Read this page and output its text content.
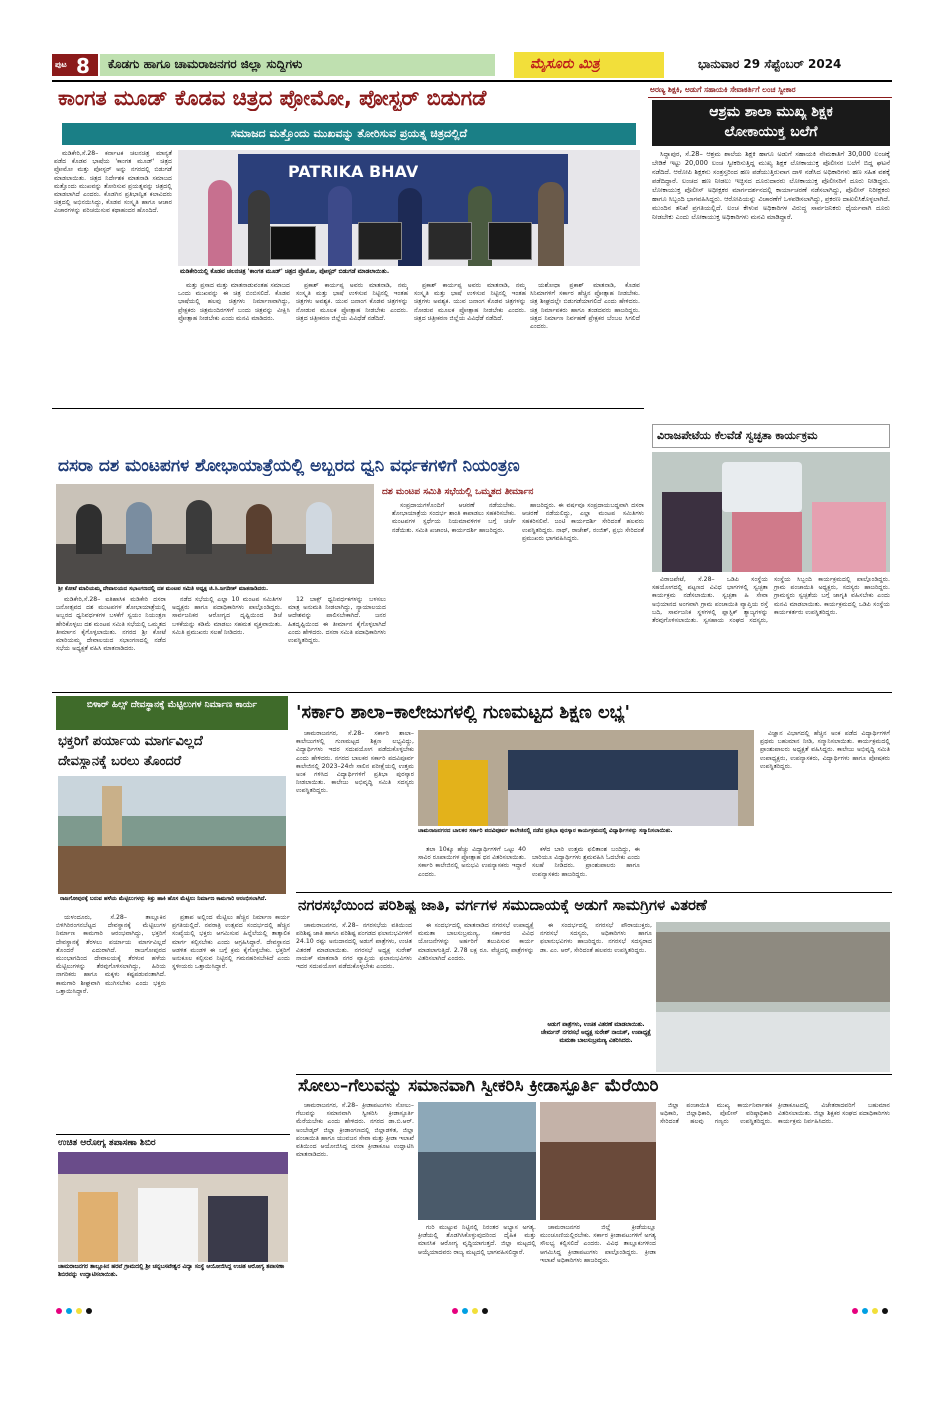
ಪುಟ 8 ಕೊಡಗು ಹಾಗೂ ಚಾಮರಾಜನಗರ ಜಿಲ್ಲಾ ಸುದ್ದಿಗಳು	ಮೈಸೂರು ಮಿತ್ರ	ಭಾನುವಾರ 29 ಸೆಪ್ಟೆಂಬರ್ 2024
ಕಾಂಗತ ಮೂಡ್ ಕೊಡವ ಚಿತ್ರದ ಪ್ರೋಮೋ, ಪೋಸ್ಟರ್ ಬಿಡುಗಡೆ
ಸಮಾಜದ ಮತ್ತೊಂದು ಮುಖವನ್ನು ತೋರಿಸುವ ಪ್ರಯತ್ನ ಚಿತ್ರದಲ್ಲಿದೆ

ಮಡಿಕೇರಿ,ಸೆ.28– ಕರ್ನಾಟಕ ಚಲನಚಿತ್ರ ಮಾನ್ಯತೆ ಪಡೆದ ಕೊಡವ ಭಾಷೆಯ 'ಕಾಂಗತ ಮೂಡ್' ಚಿತ್ರದ ಪ್ರೋಮೋ ಮತ್ತು ಪೋಸ್ಟರ್ ಅನ್ನು ನಗರದಲ್ಲಿ ಬಿಡುಗಡೆ ಮಾಡಲಾಯಿತು. ಚಿತ್ರದ ನಿರ್ದೇಶಕ ಮಾತನಾಡಿ ಸಮಾಜದ ಮತ್ತೊಂದು ಮುಖವನ್ನು ತೋರಿಸುವ ಪ್ರಯತ್ನವನ್ನು ಚಿತ್ರದಲ್ಲಿ ಮಾಡಲಾಗಿದೆ ಎಂದರು. ಕೊಡಗಿನ ಪ್ರತಿಭಾನ್ವಿತ ಕಲಾವಿದರು ಚಿತ್ರದಲ್ಲಿ ಅಭಿನಯಿಸಿದ್ದು, ಕೊಡವ ಸಂಸ್ಕೃತಿ ಹಾಗೂ ಆಚಾರ ವಿಚಾರಗಳನ್ನು ಪರಿಚಯಿಸುವ ಕಥಾಹಂದರ ಹೊಂದಿದೆ.

PATRIKA BHAV
ಮಡಿಕೇರಿಯಲ್ಲಿ ಕೊಡವ ಚಲನಚಿತ್ರ 'ಕಾಂಗತ ಮೂಡ್' ಚಿತ್ರದ ಪ್ರೊಮೋ, ಪೋಸ್ಟರ್ ಬಿಡುಗಡೆ ಮಾಡಲಾಯಿತು.

ಮತ್ತು ಪ್ರಸಾದ ಮತ್ತು ಮಾತನಾಡುವಂತಹ ಸಮಾಜದ ಒಂದು ಮುಖವನ್ನು ಈ ಚಿತ್ರ ಬಿಂಬಿಸಲಿದೆ. ಕೊಡವ ಭಾಷೆಯಲ್ಲಿ ಹಲವು ಚಿತ್ರಗಳು ನಿರ್ಮಾಣವಾಗಿದ್ದು, ಪ್ರೇಕ್ಷಕರು ಚಿತ್ರಮಂದಿರಗಳಿಗೆ ಬಂದು ಚಿತ್ರವನ್ನು ವೀಕ್ಷಿಸಿ ಪ್ರೋತ್ಸಾಹ ನೀಡಬೇಕು ಎಂದು ಮನವಿ ಮಾಡಿದರು.

ಪ್ರಕಾಶ್ ಕಾರ್ಯಪ್ಪ ಅವರು ಮಾತನಾಡಿ, ನಮ್ಮ ಸಂಸ್ಕೃತಿ ಮತ್ತು ಭಾಷೆ ಉಳಿಸುವ ನಿಟ್ಟಿನಲ್ಲಿ ಇಂತಹ ಚಿತ್ರಗಳು ಅವಶ್ಯಕ. ಯುವ ಜನಾಂಗ ಕೊಡವ ಚಿತ್ರಗಳನ್ನು ನೋಡುವ ಮೂಲಕ ಪ್ರೋತ್ಸಾಹ ನೀಡಬೇಕು ಎಂದರು. ಚಿತ್ರದ ಚಿತ್ರೀಕರಣ ಜಿಲ್ಲೆಯ ವಿವಿಧೆಡೆ ನಡೆದಿದೆ.

ಪ್ರಕಾಶ್ ಕಾರ್ಯಪ್ಪ ಅವರು ಮಾತನಾಡಿ, ನಮ್ಮ ಸಂಸ್ಕೃತಿ ಮತ್ತು ಭಾಷೆ ಉಳಿಸುವ ನಿಟ್ಟಿನಲ್ಲಿ ಇಂತಹ ಚಿತ್ರಗಳು ಅವಶ್ಯಕ. ಯುವ ಜನಾಂಗ ಕೊಡವ ಚಿತ್ರಗಳನ್ನು ನೋಡುವ ಮೂಲಕ ಪ್ರೋತ್ಸಾಹ ನೀಡಬೇಕು ಎಂದರು. ಚಿತ್ರದ ಚಿತ್ರೀಕರಣ ಜಿಲ್ಲೆಯ ವಿವಿಧೆಡೆ ನಡೆದಿದೆ.

ಯಶೋಧಾ ಪ್ರಕಾಶ್ ಮಾತನಾಡಿ, ಕೊಡವ ಸಿನಿಮಾಗಳಿಗೆ ಸರ್ಕಾರ ಹೆಚ್ಚಿನ ಪ್ರೋತ್ಸಾಹ ನೀಡಬೇಕು. ಚಿತ್ರ ಶೀಘ್ರದಲ್ಲೇ ಬಿಡುಗಡೆಯಾಗಲಿದೆ ಎಂದು ಹೇಳಿದರು. ಚಿತ್ರ ನಿರ್ಮಾಪಕರು ಹಾಗೂ ತಂಡದವರು ಹಾಜರಿದ್ದರು. ಚಿತ್ರದ ನಿರ್ಮಾಣ ನಿರ್ವಹಣೆ ಪ್ರೇಕ್ಷಕರ ಬೆಂಬಲ ಸಿಗಲಿದೆ ಎಂದರು.

ಅರಣ್ಯ ಶಿಕ್ಷಕಿ, ಅಡುಗೆ ಸಹಾಯಕಿ ಸೇವಾಕರ್ತಿಗೆ ಲಂಚ ಸ್ವೀಕಾರ
ಆಶ್ರಮ ಶಾಲಾ ಮುಖ್ಯ ಶಿಕ್ಷಕ
ಲೋಕಾಯುಕ್ತ ಬಲೆಗೆ

ಸಿದ್ದಾಪುರ, ಸೆ.28– ಆಶ್ರಮ ಶಾಲೆಯ ಶಿಕ್ಷಕಿ ಹಾಗೂ ಅಡುಗೆ ಸಹಾಯಕಿ ನೇಮಕಾತಿಗೆ 30,000 ಲಂಚಕ್ಕೆ ಬೇಡಿಕೆ ಇಟ್ಟು 20,000 ಲಂಚ ಸ್ವೀಕರಿಸುತ್ತಿದ್ದ ಮುಖ್ಯ ಶಿಕ್ಷಕ ಲೋಕಾಯುಕ್ತ ಪೊಲೀಸರ ಬಲೆಗೆ ಬಿದ್ದ ಘಟನೆ ನಡೆದಿದೆ. ಆರೋಪಿ ಶಿಕ್ಷಕನು ಸಂತ್ರಸ್ತರಿಂದ ಹಣ ಪಡೆಯುತ್ತಿರುವಾಗ ದಾಳಿ ನಡೆಸಿದ ಅಧಿಕಾರಿಗಳು ಹಣ ಸಹಿತ ವಶಕ್ಕೆ ಪಡೆದಿದ್ದಾರೆ. ಲಂಚದ ಹಣ ನೀಡಲು ಇಚ್ಛಿಸದ ದೂರುದಾರರು ಲೋಕಾಯುಕ್ತ ಪೊಲೀಸರಿಗೆ ದೂರು ನೀಡಿದ್ದರು. ಲೋಕಾಯುಕ್ತ ಪೊಲೀಸ್ ಅಧೀಕ್ಷಕರ ಮಾರ್ಗದರ್ಶನದಲ್ಲಿ ಕಾರ್ಯಾಚರಣೆ ನಡೆಸಲಾಗಿದ್ದು, ಪೊಲೀಸ್ ನಿರೀಕ್ಷಕರು ಹಾಗೂ ಸಿಬ್ಬಂದಿ ಭಾಗವಹಿಸಿದ್ದರು. ಆರೋಪಿಯನ್ನು ವಿಚಾರಣೆಗೆ ಒಳಪಡಿಸಲಾಗಿದ್ದು, ಪ್ರಕರಣ ದಾಖಲಿಸಿಕೊಳ್ಳಲಾಗಿದೆ. ಮುಂದಿನ ತನಿಖೆ ಪ್ರಗತಿಯಲ್ಲಿದೆ. ಲಂಚ ಕೇಳುವ ಅಧಿಕಾರಿಗಳ ವಿರುದ್ಧ ಸಾರ್ವಜನಿಕರು ಧೈರ್ಯವಾಗಿ ದೂರು ನೀಡಬೇಕು ಎಂದು ಲೋಕಾಯುಕ್ತ ಅಧಿಕಾರಿಗಳು ಮನವಿ ಮಾಡಿದ್ದಾರೆ.

ವಿರಾಜಪೇಟೆಯ ಕೆಲವೆಡೆ ಸ್ವಚ್ಛತಾ ಕಾರ್ಯಕ್ರಮ

ವಿರಾಜಪೇಟೆ, ಸೆ.28– ಒಡಿಪಿ ಸಂಸ್ಥೆಯ ಸಹಯೋಗದಲ್ಲಿ ಪಟ್ಟಣದ ವಿವಿಧ ಭಾಗಗಳಲ್ಲಿ ಸ್ವಚ್ಛತಾ ಕಾರ್ಯಕ್ರಮ ನಡೆಸಲಾಯಿತು. ಸ್ವಚ್ಛತಾ ಹಿ ಸೇವಾ ಅಭಿಯಾನದ ಅಂಗವಾಗಿ ಗ್ರಾಮ ಪಂಚಾಯಿತಿ ವ್ಯಾಪ್ತಿಯ ರಸ್ತೆ ಬದಿ, ಸಾರ್ವಜನಿಕ ಸ್ಥಳಗಳಲ್ಲಿ ಪ್ಲಾಸ್ಟಿಕ್ ತ್ಯಾಜ್ಯಗಳನ್ನು ತೆರವುಗೊಳಿಸಲಾಯಿತು. ಸ್ವಸಹಾಯ ಸಂಘದ ಸದಸ್ಯರು, ಸಂಸ್ಥೆಯ ಸಿಬ್ಬಂದಿ ಕಾರ್ಯಕ್ರಮದಲ್ಲಿ ಪಾಲ್ಗೊಂಡಿದ್ದರು. ಗ್ರಾಮ ಪಂಚಾಯಿತಿ ಅಧ್ಯಕ್ಷರು, ಸದಸ್ಯರು ಹಾಜರಿದ್ದರು. ಗ್ರಾಮಸ್ಥರು ಸ್ವಚ್ಛತೆಯ ಬಗ್ಗೆ ಜಾಗೃತಿ ವಹಿಸಬೇಕು ಎಂದು ಮನವಿ ಮಾಡಲಾಯಿತು. ಕಾರ್ಯಕ್ರಮದಲ್ಲಿ ಒಡಿಪಿ ಸಂಸ್ಥೆಯ ಕಾರ್ಯಕರ್ತರು ಉಪಸ್ಥಿತರಿದ್ದರು.

ದಸರಾ ದಶ ಮಂಟಪಗಳ ಶೋಭಾಯಾತ್ರೆಯಲ್ಲಿ ಅಬ್ಬರದ ಧ್ವನಿ ವರ್ಧಕಗಳಿಗೆ ನಿಯಂತ್ರಣ
ದಶ ಮಂಟಪ ಸಮಿತಿ ಸಭೆಯಲ್ಲಿ ಒಮ್ಮತದ ತೀರ್ಮಾನ
ಶ್ರೀ ಕೋಟೆ ಮಾರಿಯಮ್ಮ ದೇವಾಲಯದ ಸಭಾಂಗಣದಲ್ಲಿ ದಶ ಮಂಟಪ ಸಮಿತಿ ಅಧ್ಯಕ್ಷ ಜಿ.ಸಿ.ಜಗದೀಶ್ ಮಾತನಾಡಿದರು.

ಮಡಿಕೇರಿ,ಸೆ.28– ಐತಿಹಾಸಿಕ ಮಡಿಕೇರಿ ದಸರಾ ಜನೋತ್ಸವದ ದಶ ಮಂಟಪಗಳ ಶೋಭಾಯಾತ್ರೆಯಲ್ಲಿ ಅಬ್ಬರದ ಧ್ವನಿವರ್ಧಕಗಳ ಬಳಕೆಗೆ ಸ್ವಯಂ ನಿಯಂತ್ರಣ ಹೇರಿಕೊಳ್ಳಲು ದಶ ಮಂಟಪ ಸಮಿತಿ ಸಭೆಯಲ್ಲಿ ಒಮ್ಮತದ ತೀರ್ಮಾನ ಕೈಗೊಳ್ಳಲಾಯಿತು. ನಗರದ ಶ್ರೀ ಕೋಟೆ ಮಾರಿಯಮ್ಮ ದೇವಾಲಯದ ಸಭಾಂಗಣದಲ್ಲಿ ನಡೆದ ಸಭೆಯ ಅಧ್ಯಕ್ಷತೆ ವಹಿಸಿ ಮಾತನಾಡಿದರು.

ನಡೆದ ಸಭೆಯಲ್ಲಿ ಎಲ್ಲಾ 10 ಮಂಟಪ ಸಮಿತಿಗಳ ಅಧ್ಯಕ್ಷರು ಹಾಗೂ ಪದಾಧಿಕಾರಿಗಳು ಪಾಲ್ಗೊಂಡಿದ್ದರು. ಸಾರ್ವಜನಿಕರ ಆರೋಗ್ಯದ ದೃಷ್ಟಿಯಿಂದ ಡಿಜೆ ಬಳಕೆಯನ್ನು ಕಡಿಮೆ ಮಾಡಲು ಸಹಮತ ವ್ಯಕ್ತವಾಯಿತು. ಸಮಿತಿ ಪ್ರಮುಖರು ಸಲಹೆ ನೀಡಿದರು.

12 ಬಾಕ್ಸ್ ಧ್ವನಿವರ್ಧಕಗಳನ್ನು ಬಳಸಲು ಮಾತ್ರ ಅನುಮತಿ ನೀಡಲಾಗಿದ್ದು, ನ್ಯಾಯಾಲಯದ ಆದೇಶವನ್ನು ಪಾಲಿಸಬೇಕಾಗಿದೆ. ಜನರ ಹಿತದೃಷ್ಟಿಯಿಂದ ಈ ತೀರ್ಮಾನ ಕೈಗೊಳ್ಳಲಾಗಿದೆ ಎಂದು ಹೇಳಿದರು. ದಸರಾ ಸಮಿತಿ ಪದಾಧಿಕಾರಿಗಳು ಉಪಸ್ಥಿತರಿದ್ದರು.

ಸಂಪ್ರದಾಯಗಳೊಂದಿಗೆ ಆಚರಣೆ ನಡೆಯಬೇಕು. ಶೋಭಾಯಾತ್ರೆಯ ಸಂದರ್ಭ ಶಾಂತಿ ಕಾಪಾಡಲು ಸಹಕರಿಸಬೇಕು. ಮಂಟಪಗಳ ಸ್ಪರ್ಧೆಯ ನಿಯಮಾವಳಿಗಳ ಬಗ್ಗೆ ಚರ್ಚೆ ನಡೆಯಿತು. ಸಮಿತಿ ಖಜಾಂಚಿ, ಕಾರ್ಯದರ್ಶಿ ಹಾಜರಿದ್ದರು.

ಹಾಜರಿದ್ದರು. ಈ ವರ್ಷವೂ ಸಂಪ್ರದಾಯಬದ್ಧವಾಗಿ ದಸರಾ ಆಚರಣೆ ನಡೆಯಲಿದ್ದು, ಎಲ್ಲಾ ಮಂಟಪ ಸಮಿತಿಗಳು ಸಹಕರಿಸಲಿವೆ. ಜಂಟಿ ಕಾರ್ಯದರ್ಶಿ ಸೇರಿದಂತೆ ಹಲವರು ಉಪಸ್ಥಿತರಿದ್ದರು. ನಾಥ್, ರಾಜೇಶ್, ರಂಜಿತ್, ಪ್ರಭು ಸೇರಿದಂತೆ ಪ್ರಮುಖರು ಭಾಗವಹಿಸಿದ್ದರು.

ಬಿಳಾರ್ ಹಿಲ್ಸ್ ದೇವಸ್ಥಾನಕ್ಕೆ ಮೆಟ್ಟಿಲುಗಳ ನಿರ್ಮಾಣ ಕಾರ್ಯ
ಭಕ್ತರಿಗೆ ಪರ್ಯಾಯ ಮಾರ್ಗವಿಲ್ಲದೆ
ದೇವಸ್ಥಾನಕ್ಕೆ ಬರಲು ತೊಂದರೆ
ರಾಜಗೋಪುರಕ್ಕೆ ಬರುವ ಹಳೆಯ ಮೆಟ್ಟಿಲುಗಳನ್ನು ಕಿತ್ತು ಹಾಕಿ ಹೊಸ ಮೆಟ್ಟಿಲು ನಿರ್ಮಾಣ ಕಾಮಗಾರಿ ಆರಂಭಿಸಲಾಗಿದೆ.

ಯಳಂದೂರು, ಸೆ.28– ತಾಲ್ಲೂಕಿನ ಬಿಳಿಗಿರಿರಂಗನಬೆಟ್ಟದ ದೇವಸ್ಥಾನಕ್ಕೆ ಮೆಟ್ಟಿಲುಗಳ ನಿರ್ಮಾಣ ಕಾಮಗಾರಿ ಆರಂಭವಾಗಿದ್ದು, ಭಕ್ತರಿಗೆ ದೇವಸ್ಥಾನಕ್ಕೆ ತೆರಳಲು ಪರ್ಯಾಯ ಮಾರ್ಗವಿಲ್ಲದೆ ತೊಂದರೆ ಎದುರಾಗಿದೆ. ರಾಜಗೋಪುರದ ಮುಂಭಾಗದಿಂದ ದೇವಾಲಯಕ್ಕೆ ತೆರಳುವ ಹಳೆಯ ಮೆಟ್ಟಿಲುಗಳನ್ನು ತೆರವುಗೊಳಿಸಲಾಗಿದ್ದು, ಹಿರಿಯ ನಾಗರಿಕರು ಹಾಗೂ ಮಕ್ಕಳು ಕಷ್ಟಪಡುವಂತಾಗಿದೆ. ಕಾಮಗಾರಿ ಶೀಘ್ರವಾಗಿ ಮುಗಿಸಬೇಕು ಎಂದು ಭಕ್ತರು ಒತ್ತಾಯಿಸಿದ್ದಾರೆ.

ಪ್ರತಾಪ ಅಲ್ಲಿಂದ ಮೆಟ್ಟಿಲು ಹೆಚ್ಚಿನ ನಿರ್ಮಾಣ ಕಾರ್ಯ ಪ್ರಗತಿಯಲ್ಲಿದೆ. ನವರಾತ್ರಿ ಉತ್ಸವದ ಸಂದರ್ಭದಲ್ಲಿ ಹೆಚ್ಚಿನ ಸಂಖ್ಯೆಯಲ್ಲಿ ಭಕ್ತರು ಆಗಮಿಸುವ ಹಿನ್ನೆಲೆಯಲ್ಲಿ ತಾತ್ಕಾಲಿಕ ಮಾರ್ಗ ಕಲ್ಪಿಸಬೇಕು ಎಂದು ಆಗ್ರಹಿಸಿದ್ದಾರೆ. ದೇವಸ್ಥಾನದ ಆಡಳಿತ ಮಂಡಳಿ ಈ ಬಗ್ಗೆ ಕ್ರಮ ಕೈಗೊಳ್ಳಬೇಕು. ಭಕ್ತರಿಗೆ ಅನುಕೂಲ ಕಲ್ಪಿಸುವ ನಿಟ್ಟಿನಲ್ಲಿ ಗಮನಹರಿಸಬೇಕಿದೆ ಎಂದು ಸ್ಥಳೀಯರು ಒತ್ತಾಯಿಸಿದ್ದಾರೆ.

ಉಚಿತ ಆರೋಗ್ಯ ತಪಾಸಣಾ ಶಿಬಿರ
ಚಾಮರಾಜನಗರ ತಾಲ್ಲೂಕಿನ ಹರವೆ ಗ್ರಾಮದಲ್ಲಿ ಶ್ರೀ ಚನ್ನಬಸವೇಶ್ವರ ವಿದ್ಯಾ ಸಂಸ್ಥೆ ಆಯೋಜಿಸಿದ್ದ ಉಚಿತ ಆರೋಗ್ಯ ತಪಾಸಣಾ ಶಿಬಿರವನ್ನು ಉದ್ಘಾಟಿಸಲಾಯಿತು.
'ಸರ್ಕಾರಿ ಶಾಲಾ–ಕಾಲೇಜುಗಳಲ್ಲಿ ಗುಣಮಟ್ಟದ ಶಿಕ್ಷಣ ಲಭ್ಯ'

ಚಾಮರಾಜನಗರ, ಸೆ.28– ಸರ್ಕಾರಿ ಶಾಲಾ–ಕಾಲೇಜುಗಳಲ್ಲಿ ಗುಣಮಟ್ಟದ ಶಿಕ್ಷಣ ಲಭ್ಯವಿದ್ದು, ವಿದ್ಯಾರ್ಥಿಗಳು ಇದರ ಸದುಪಯೋಗ ಪಡೆದುಕೊಳ್ಳಬೇಕು ಎಂದು ಹೇಳಿದರು. ನಗರದ ಬಾಲಕರ ಸರ್ಕಾರಿ ಪದವಿಪೂರ್ವ ಕಾಲೇಜಿನಲ್ಲಿ 2023–24ನೇ ಸಾಲಿನ ಪರೀಕ್ಷೆಯಲ್ಲಿ ಉತ್ತಮ ಅಂಕ ಗಳಿಸಿದ ವಿದ್ಯಾರ್ಥಿಗಳಿಗೆ ಪ್ರತಿಭಾ ಪುರಸ್ಕಾರ ನೀಡಲಾಯಿತು. ಕಾಲೇಜು ಅಭಿವೃದ್ಧಿ ಸಮಿತಿ ಸದಸ್ಯರು ಉಪಸ್ಥಿತರಿದ್ದರು.

ಚಾಮರಾಜನಗರದ ಬಾಲಕರ ಸರ್ಕಾರಿ ಪದವಿಪೂರ್ವ ಕಾಲೇಜಿನಲ್ಲಿ ನಡೆದ ಪ್ರತಿಭಾ ಪುರಸ್ಕಾರ ಕಾರ್ಯಕ್ರಮದಲ್ಲಿ ವಿದ್ಯಾರ್ಥಿಗಳನ್ನು ಸನ್ಮಾನಿಸಲಾಯಿತು.

ತಲಾ 10ಕ್ಕೂ ಹೆಚ್ಚು ವಿದ್ಯಾರ್ಥಿಗಳಿಗೆ ಒಟ್ಟು 40 ಸಾವಿರ ರೂಪಾಯಿಗಳ ಪ್ರೋತ್ಸಾಹ ಧನ ವಿತರಿಸಲಾಯಿತು. ಸರ್ಕಾರಿ ಕಾಲೇಜಿನಲ್ಲಿ ಅನುಭವಿ ಉಪನ್ಯಾಸಕರು ಇದ್ದಾರೆ ಎಂದರು.

ಕಳೆದ ಬಾರಿ ಉತ್ತಮ ಫಲಿತಾಂಶ ಬಂದಿದ್ದು, ಈ ಬಾರಿಯೂ ವಿದ್ಯಾರ್ಥಿಗಳು ಶ್ರಮವಹಿಸಿ ಓದಬೇಕು ಎಂದು ಸಲಹೆ ನೀಡಿದರು. ಪ್ರಾಂಶುಪಾಲರು ಹಾಗೂ ಉಪನ್ಯಾಸಕರು ಹಾಜರಿದ್ದರು.

ವಿಜ್ಞಾನ ವಿಭಾಗದಲ್ಲಿ ಹೆಚ್ಚಿನ ಅಂಕ ಪಡೆದ ವಿದ್ಯಾರ್ಥಿಗಳಿಗೆ ಪ್ರಥಮ ಬಹುಮಾನ ನೀಡಿ, ಸನ್ಮಾನಿಸಲಾಯಿತು. ಕಾರ್ಯಕ್ರಮದಲ್ಲಿ ಪ್ರಾಂಶುಪಾಲರು ಅಧ್ಯಕ್ಷತೆ ವಹಿಸಿದ್ದರು. ಕಾಲೇಜು ಅಭಿವೃದ್ಧಿ ಸಮಿತಿ ಉಪಾಧ್ಯಕ್ಷರು, ಉಪನ್ಯಾಸಕರು, ವಿದ್ಯಾರ್ಥಿಗಳು ಹಾಗೂ ಪೋಷಕರು ಉಪಸ್ಥಿತರಿದ್ದರು.

ನಗರಸಭೆಯಿಂದ ಪರಿಶಿಷ್ಟ ಜಾತಿ, ವರ್ಗಗಳ ಸಮುದಾಯಕ್ಕೆ ಅಡುಗೆ ಸಾಮಗ್ರಿಗಳ ವಿತರಣೆ

ಚಾಮರಾಜನಗರ, ಸೆ.28– ನಗರಸಭೆಯ ವತಿಯಿಂದ ಪರಿಶಿಷ್ಟ ಜಾತಿ ಹಾಗೂ ಪರಿಶಿಷ್ಟ ಪಂಗಡದ ಫಲಾನುಭವಿಗಳಿಗೆ 24.10 ರಷ್ಟು ಅನುದಾನದಲ್ಲಿ ಅಡುಗೆ ಪಾತ್ರೆಗಳು, ಉಚಿತ ವಿತರಣೆ ಮಾಡಲಾಯಿತು. ನಗರಸಭೆ ಅಧ್ಯಕ್ಷ ಸುರೇಶ್ ನಾಯಕ್ ಮಾತನಾಡಿ ನಗರ ವ್ಯಾಪ್ತಿಯ ಫಲಾನುಭವಿಗಳು ಇದರ ಸದುಪಯೋಗ ಪಡೆದುಕೊಳ್ಳಬೇಕು ಎಂದರು.

ಈ ಸಂದರ್ಭದಲ್ಲಿ ಮಾತನಾಡಿದ ನಗರಸಭೆ ಉಪಾಧ್ಯಕ್ಷೆ ಮಮತಾ ಬಾಲಸುಬ್ರಮಣ್ಯ, ಸರ್ಕಾರದ ವಿವಿಧ ಯೋಜನೆಗಳನ್ನು ಅರ್ಹರಿಗೆ ತಲುಪಿಸುವ ಕಾರ್ಯ ಮಾಡಲಾಗುತ್ತಿದೆ. 2.78 ಲಕ್ಷ ರೂ. ವೆಚ್ಚದಲ್ಲಿ ಪಾತ್ರೆಗಳನ್ನು ವಿತರಿಸಲಾಗಿದೆ ಎಂದರು.

ಈ ಸಂದರ್ಭದಲ್ಲಿ ನಗರಸಭೆ ಪೌರಾಯುಕ್ತರು, ನಗರಸಭೆ ಸದಸ್ಯರು, ಅಧಿಕಾರಿಗಳು ಹಾಗೂ ಫಲಾನುಭವಿಗಳು ಹಾಜರಿದ್ದರು. ನಗರಸಭೆ ಸದಸ್ಯರಾದ ಡಾ. ಎಂ. ಆರ್, ಸೇರಿದಂತೆ ಹಲವರು ಉಪಸ್ಥಿತರಿದ್ದರು.

ಅಡುಗೆ ಪಾತ್ರೆಗಳು, ಉಚಿತ ವಿತರಣೆ ಮಾಡಲಾಯಿತು. ಚೇರ್ಮನ್‌ ನಗರಸಭೆ ಅಧ್ಯಕ್ಷ ಸುರೇಶ್ ನಾಯಕ್, ಉಪಾಧ್ಯಕ್ಷೆ ಮಮತಾ ಬಾಲಸುಬ್ರಮಣ್ಯ ವಿತರಿಸಿದರು.
ಸೋಲು–ಗೆಲುವನ್ನು ಸಮಾನವಾಗಿ ಸ್ವೀಕರಿಸಿ ಕ್ರೀಡಾಸ್ಫೂರ್ತಿ ಮೆರೆಯಿರಿ

ಚಾಮರಾಜನಗರ, ಸೆ.28– ಕ್ರೀಡಾಪಟುಗಳು ಸೋಲು–ಗೆಲುವನ್ನು ಸಮಾನವಾಗಿ ಸ್ವೀಕರಿಸಿ ಕ್ರೀಡಾಸ್ಫೂರ್ತಿ ಮೆರೆಯಬೇಕು ಎಂದು ಹೇಳಿದರು. ನಗರದ ಡಾ.ಬಿ.ಆರ್. ಅಂಬೇಡ್ಕರ್ ಜಿಲ್ಲಾ ಕ್ರೀಡಾಂಗಣದಲ್ಲಿ ಜಿಲ್ಲಾಡಳಿತ, ಜಿಲ್ಲಾ ಪಂಚಾಯಿತಿ ಹಾಗೂ ಯುವಜನ ಸೇವಾ ಮತ್ತು ಕ್ರೀಡಾ ಇಲಾಖೆ ವತಿಯಿಂದ ಆಯೋಜಿಸಿದ್ದ ದಸರಾ ಕ್ರೀಡಾಕೂಟ ಉದ್ಘಾಟಿಸಿ ಮಾತನಾಡಿದರು.

ಗುರಿ ಮುಟ್ಟುವ ನಿಟ್ಟಿನಲ್ಲಿ ನಿರಂತರ ಅಭ್ಯಾಸ ಅಗತ್ಯ. ಕ್ರೀಡೆಯಲ್ಲಿ ತೊಡಗಿಸಿಕೊಳ್ಳುವುದರಿಂದ ದೈಹಿಕ ಮತ್ತು ಮಾನಸಿಕ ಆರೋಗ್ಯ ವೃದ್ಧಿಯಾಗುತ್ತದೆ. ಜಿಲ್ಲಾ ಮಟ್ಟದಲ್ಲಿ ಆಯ್ಕೆಯಾದವರು ರಾಜ್ಯ ಮಟ್ಟದಲ್ಲಿ ಭಾಗವಹಿಸಲಿದ್ದಾರೆ.

ಚಾಮರಾಜನಗರ ಜಿಲ್ಲೆ ಕ್ರೀಡೆಯಲ್ಲೂ ಮುಂಚೂಣಿಯಲ್ಲಿರಬೇಕು. ಸರ್ಕಾರ ಕ್ರೀಡಾಪಟುಗಳಿಗೆ ಅಗತ್ಯ ಸೌಲಭ್ಯ ಕಲ್ಪಿಸಲಿದೆ ಎಂದರು. ವಿವಿಧ ತಾಲ್ಲೂಕುಗಳಿಂದ ಆಗಮಿಸಿದ್ದ ಕ್ರೀಡಾಪಟುಗಳು ಪಾಲ್ಗೊಂಡಿದ್ದರು. ಕ್ರೀಡಾ ಇಲಾಖೆ ಅಧಿಕಾರಿಗಳು ಹಾಜರಿದ್ದರು.

ಜಿಲ್ಲಾ ಪಂಚಾಯಿತಿ ಮುಖ್ಯ ಕಾರ್ಯನಿರ್ವಾಹಕ ಅಧಿಕಾರಿ, ಜಿಲ್ಲಾಧಿಕಾರಿ, ಪೊಲೀಸ್ ವರಿಷ್ಠಾಧಿಕಾರಿ ಸೇರಿದಂತೆ ಹಲವು ಗಣ್ಯರು ಉಪಸ್ಥಿತರಿದ್ದರು. ಕ್ರೀಡಾಕೂಟದಲ್ಲಿ ವಿಜೇತರಾದವರಿಗೆ ಬಹುಮಾನ ವಿತರಿಸಲಾಯಿತು. ಜಿಲ್ಲಾ ಶಿಕ್ಷಕರ ಸಂಘದ ಪದಾಧಿಕಾರಿಗಳು ಕಾರ್ಯಕ್ರಮ ನಿರ್ವಹಿಸಿದರು.
